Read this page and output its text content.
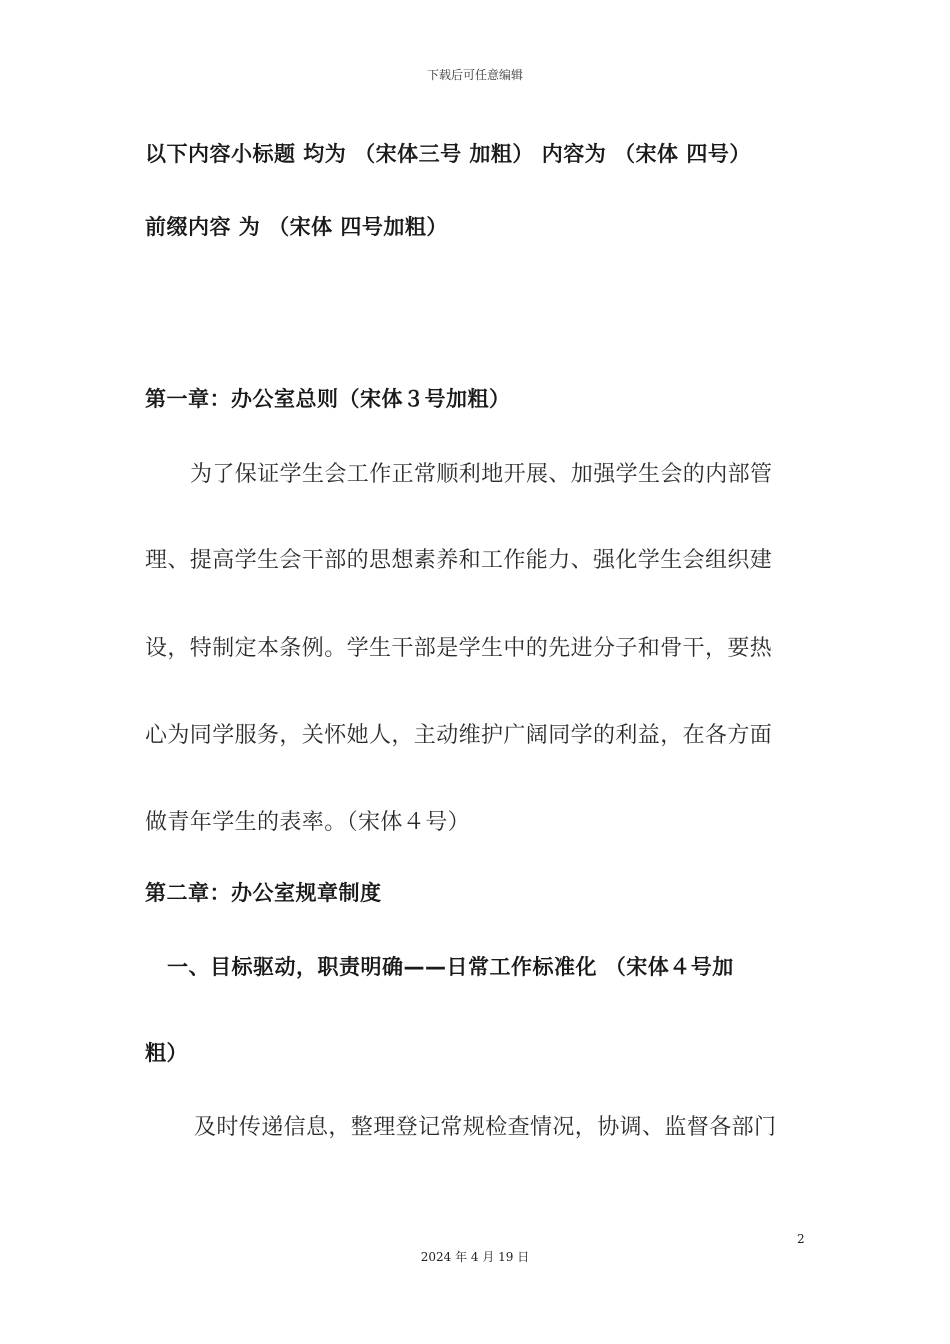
下载后可任意编辑
以下内容小标题 均为 （宋体三号 加粗） 内容为 （宋体 四号）
前缀内容 为 （宋体 四号加粗）
第一章：办公室总则（宋体３号加粗）
为了保证学生会工作正常顺利地开展、加强学生会的内部管
理、提高学生会干部的思想素养和工作能力、强化学生会组织建
设，特制定本条例。学生干部是学生中的先进分子和骨干，要热
心为同学服务，关怀她人，主动维护广阔同学的利益，在各方面
做青年学生的表率。（宋体４号）
第二章：办公室规章制度
一、目标驱动，职责明确——日常工作标准化 （宋体４号加
粗）
及时传递信息，整理登记常规检查情况，协调、监督各部门
2
2024 年 4 月 19 日
